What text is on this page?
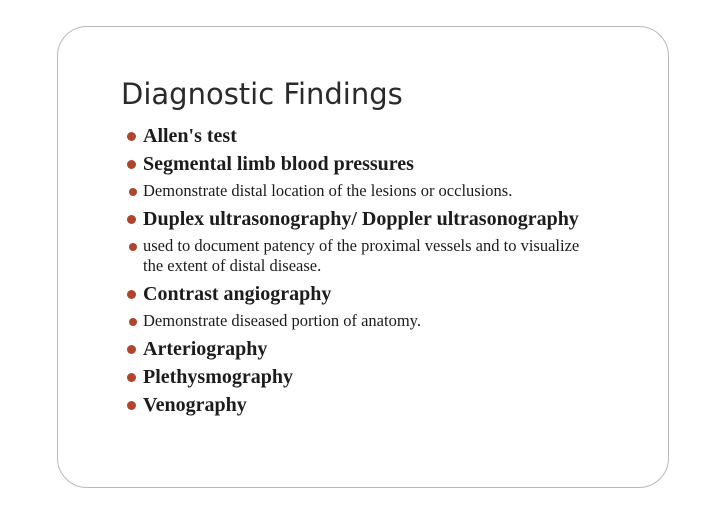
Diagnostic Findings
Allen's test
Segmental limb blood pressures
Demonstrate distal location of the lesions or occlusions.
Duplex ultrasonography/ Doppler ultrasonography
used to document patency of the proximal vessels and to visualize the extent of distal disease.
Contrast angiography
Demonstrate diseased portion of anatomy.
Arteriography
Plethysmography
Venography
